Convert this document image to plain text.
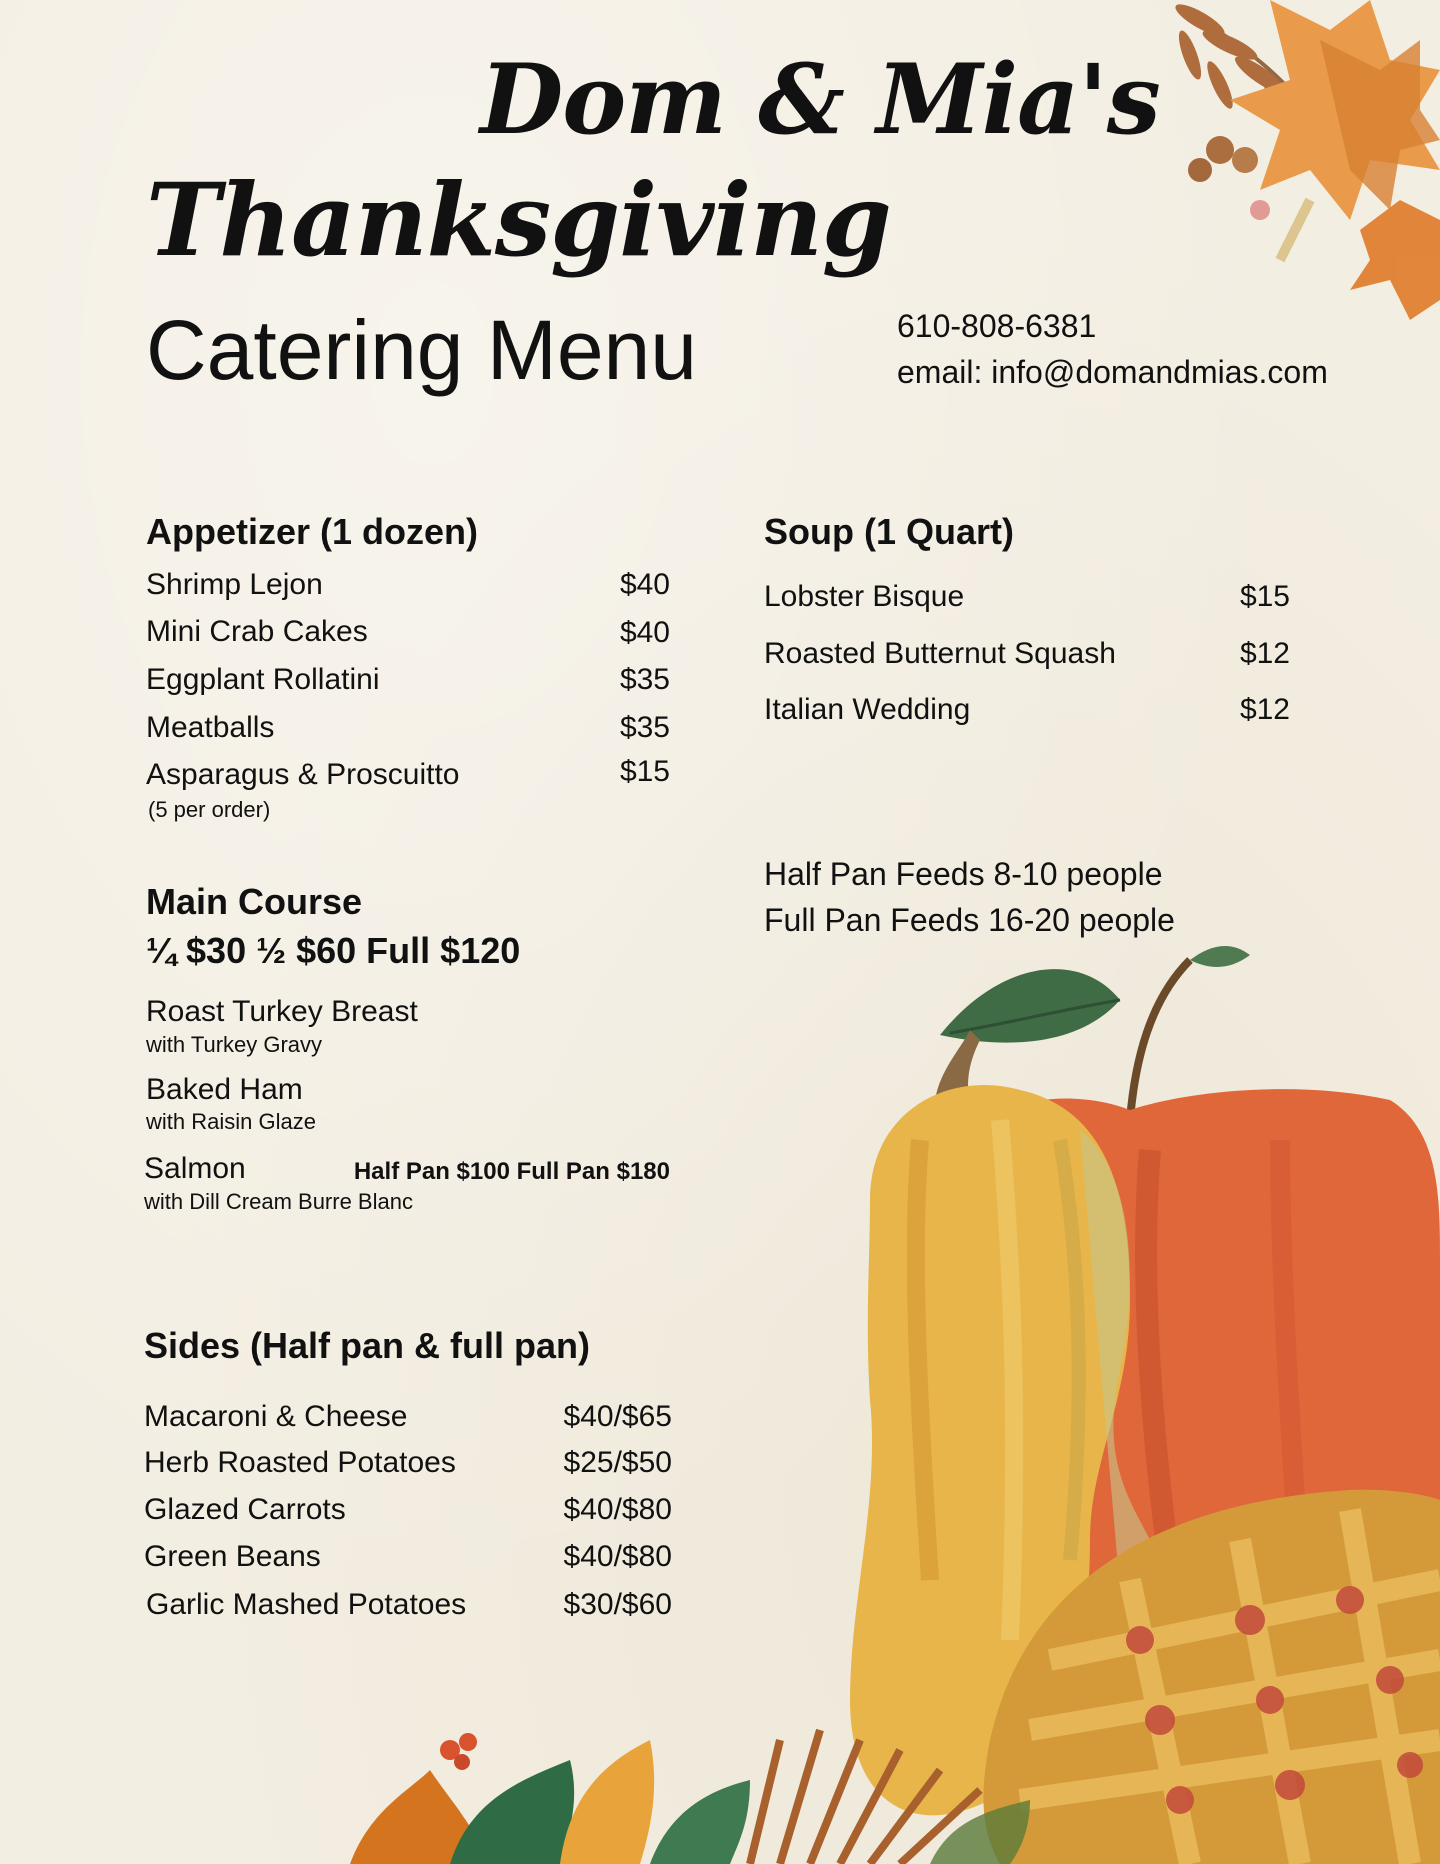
Dom & Mia's
Thanksgiving
Catering Menu	610-808-6381
email: info@domandmias.com
Appetizer (1 dozen)
Shrimp Lejon	$40
Mini Crab Cakes	$40
Eggplant Rollatini	$35
Meatballs	$35
Asparagus & Proscuitto	$15
(5 per order)
Soup (1 Quart)
Lobster Bisque	$15
Roasted Butternut Squash	$12
Italian Wedding	$12
Half Pan Feeds 8-10 people
Full Pan Feeds 16-20 people
Main Course
¼ $30 ½ $60 Full $120
Roast Turkey Breast
with Turkey Gravy
Baked Ham
with Raisin Glaze
Salmon	Half Pan $100 Full Pan $180
with Dill Cream Burre Blanc
Sides (Half pan & full pan)
Macaroni & Cheese	$40/$65
Herb Roasted Potatoes	$25/$50
Glazed Carrots	$40/$80
Green Beans	$40/$80
Garlic Mashed Potatoes	$30/$60
